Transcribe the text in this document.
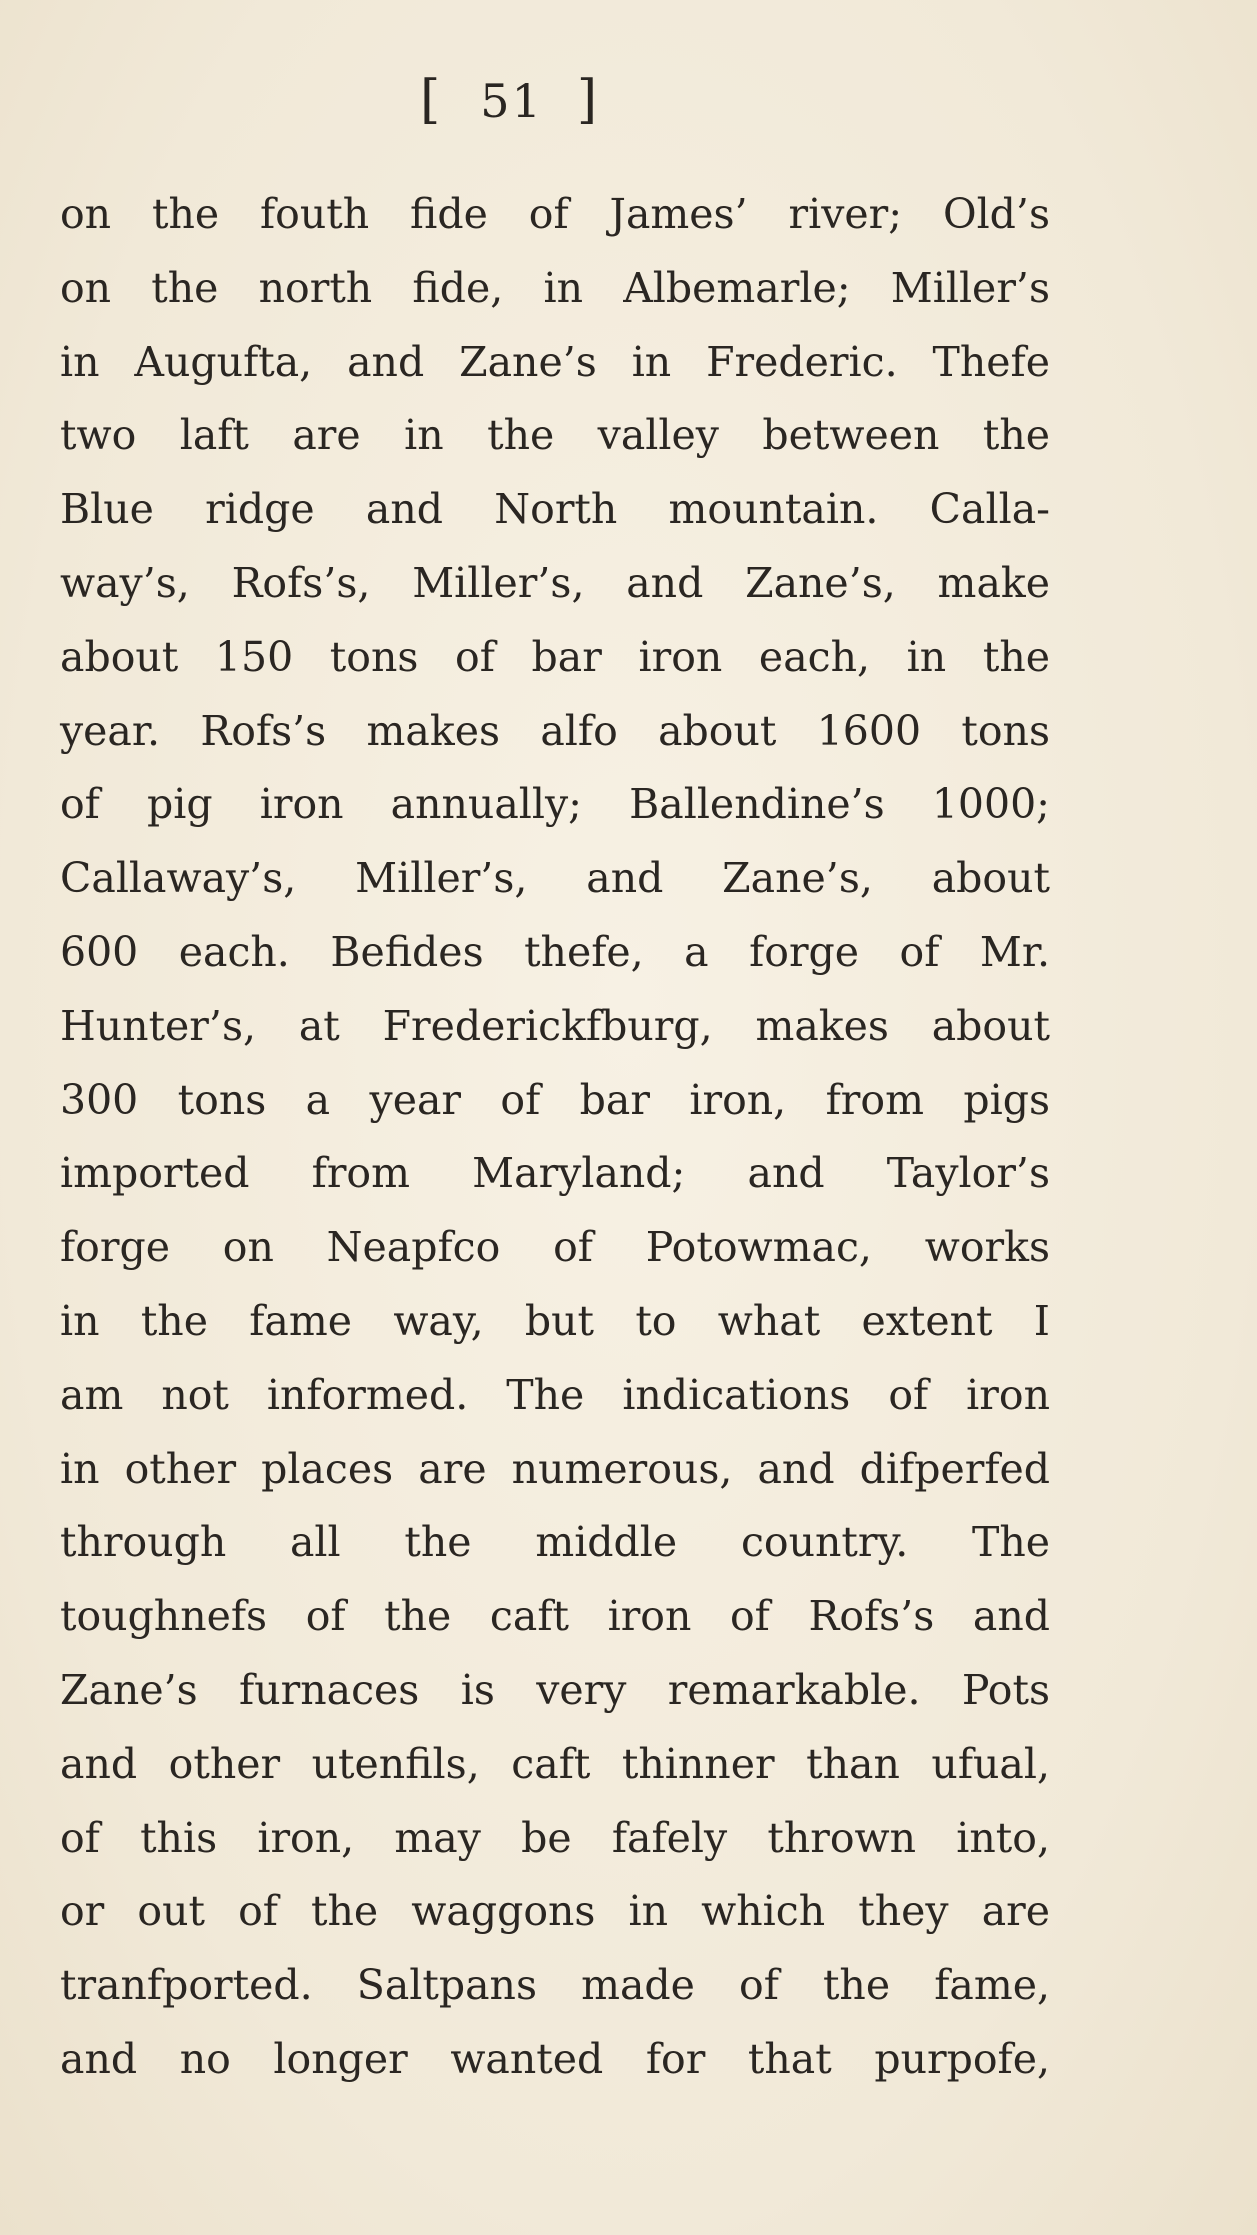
[ 51 ]
on the fouth fide of James’ river; Old’s
on the north fide, in Albemarle; Miller’s
in Augufta, and Zane’s in Frederic. Thefe
two laft are in the valley between the
Blue ridge and North mountain. Calla-
way’s, Rofs’s, Miller’s, and Zane’s, make
about 150 tons of bar iron each, in the
year. Rofs’s makes alfo about 1600 tons
of pig iron annually; Ballendine’s 1000;
Callaway’s, Miller’s, and Zane’s, about
600 each. Befides thefe, a forge of Mr.
Hunter’s, at Frederickfburg, makes about
300 tons a year of bar iron, from pigs
imported from Maryland; and Taylor’s
forge on Neapfco of Potowmac, works
in the fame way, but to what extent I
am not informed. The indications of iron
in other places are numerous, and difperfed
through all the middle country. The
toughnefs of the caft iron of Rofs’s and
Zane’s furnaces is very remarkable. Pots
and other utenfils, caft thinner than ufual,
of this iron, may be fafely thrown into,
or out of the waggons in which they are
tranfported. Saltpans made of the fame,
and no longer wanted for that purpofe,
